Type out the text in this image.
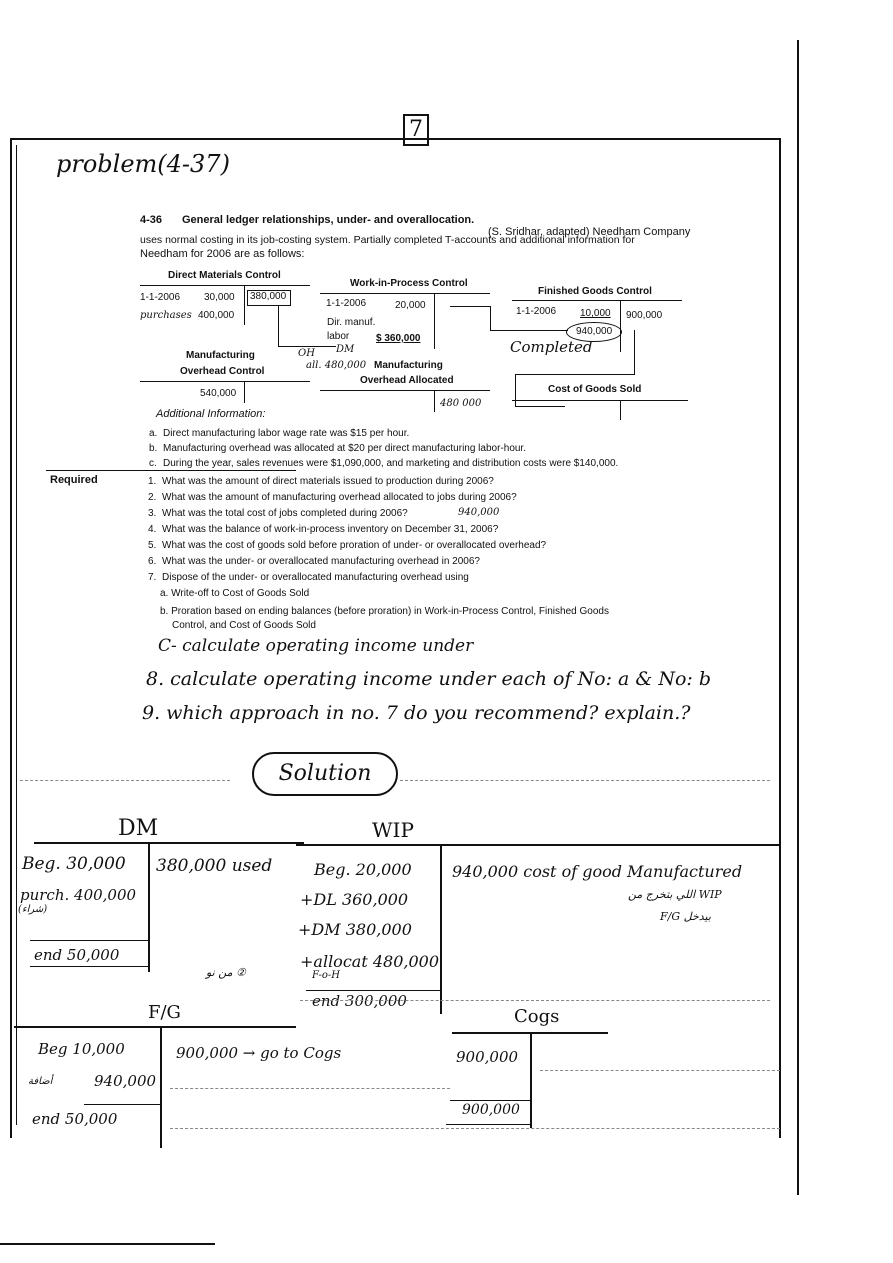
7
problem(4-37)
4-36 General ledger relationships, under- and overallocation.
(S. Sridhar, adapted) Needham Company
uses normal costing in its job-costing system. Partially completed T-accounts and additional information for
Needham for 2006 are as follows:
Direct Materials Control
1-1-2006 30,000 380,000
purchases 400,000
Work-in-Process Control
1-1-2006	20,000
Dir. manuf.
labor	$ 360,000
DM
OH
all. 480,000
Finished Goods Control
1-1-2006 10,000 900,000
940,000
Completed
Manufacturing
Overhead Control
540,000
Manufacturing
Overhead Allocated
480 000
Cost of Goods Sold
Additional Information:
a. Direct manufacturing labor wage rate was $15 per hour.
b. Manufacturing overhead was allocated at $20 per direct manufacturing labor-hour.
c. During the year, sales revenues were $1,090,000, and marketing and distribution costs were $140,000.
Required	1. What was the amount of direct materials issued to production during 2006?
2. What was the amount of manufacturing overhead allocated to jobs during 2006?
3. What was the total cost of jobs completed during 2006?	940,000
4. What was the balance of work-in-process inventory on December 31, 2006?
5. What was the cost of goods sold before proration of under- or overallocated overhead?
6. What was the under- or overallocated manufacturing overhead in 2006?
7. Dispose of the under- or overallocated manufacturing overhead using
a. Write-off to Cost of Goods Sold
b. Proration based on ending balances (before proration) in Work-in-Process Control, Finished Goods
Control, and Cost of Goods Sold
C- calculate operating income under
8. calculate operating income under each of No: a & No: b
9. which approach in no. 7 do you recommend? explain.?
Solution
DM
Beg. 30,000
purch. 400,000
(شراء)
end 50,000
380,000 used
WIP
Beg. 20,000
+DL 360,000
+DM 380,000
+allocat 480,000
F-o-H
من نو ②
end 300,000
940,000 cost of good Manufactured
اللي بتخرج من WIP
F/G بيدخل
F/G
Beg 10,000
أضافة	940,000
end 50,000
900,000 → go to Cogs
Cogs
900,000
900,000
